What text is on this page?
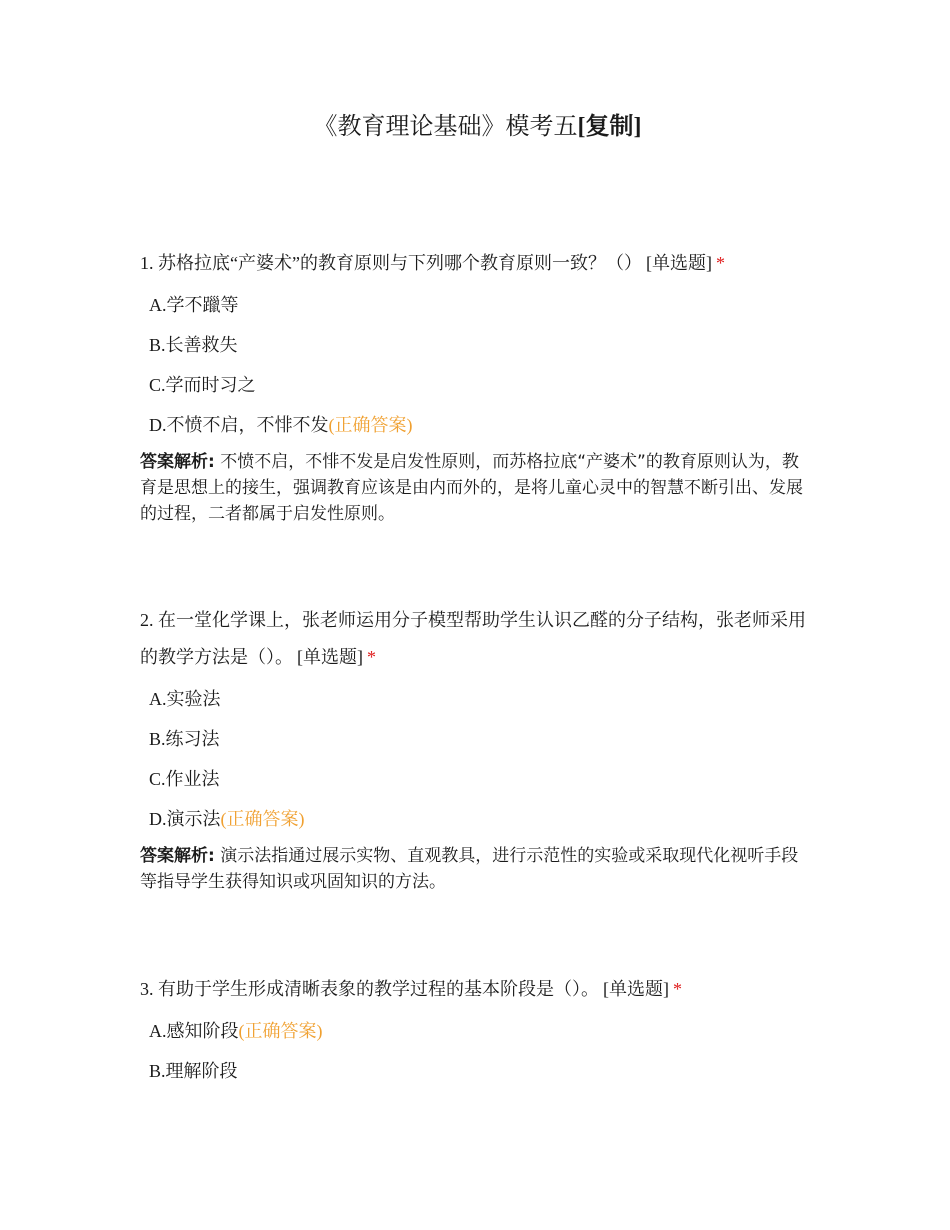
《教育理论基础》模考五[复制]

1. 苏格拉底“产婆术”的教育原则与下列哪个教育原则一致？（） [单选题] *

A.学不躐等
B.长善救失
C.学而时习之
D.不愤不启，不悱不发(正确答案)
答案解析: 不愤不启，不悱不发是启发性原则，而苏格拉底“产婆术”的教育原则认为，教育是思想上的接生，强调教育应该是由内而外的，是将儿童心灵中的智慧不断引出、发展的过程，二者都属于启发性原则。

2. 在一堂化学课上，张老师运用分子模型帮助学生认识乙醛的分子结构，张老师采用的教学方法是（）。 [单选题] *

A.实验法
B.练习法
C.作业法
D.演示法(正确答案)
答案解析: 演示法指通过展示实物、直观教具，进行示范性的实验或采取现代化视听手段等指导学生获得知识或巩固知识的方法。

3. 有助于学生形成清晰表象的教学过程的基本阶段是（）。 [单选题] *

A.感知阶段(正确答案)
B.理解阶段
